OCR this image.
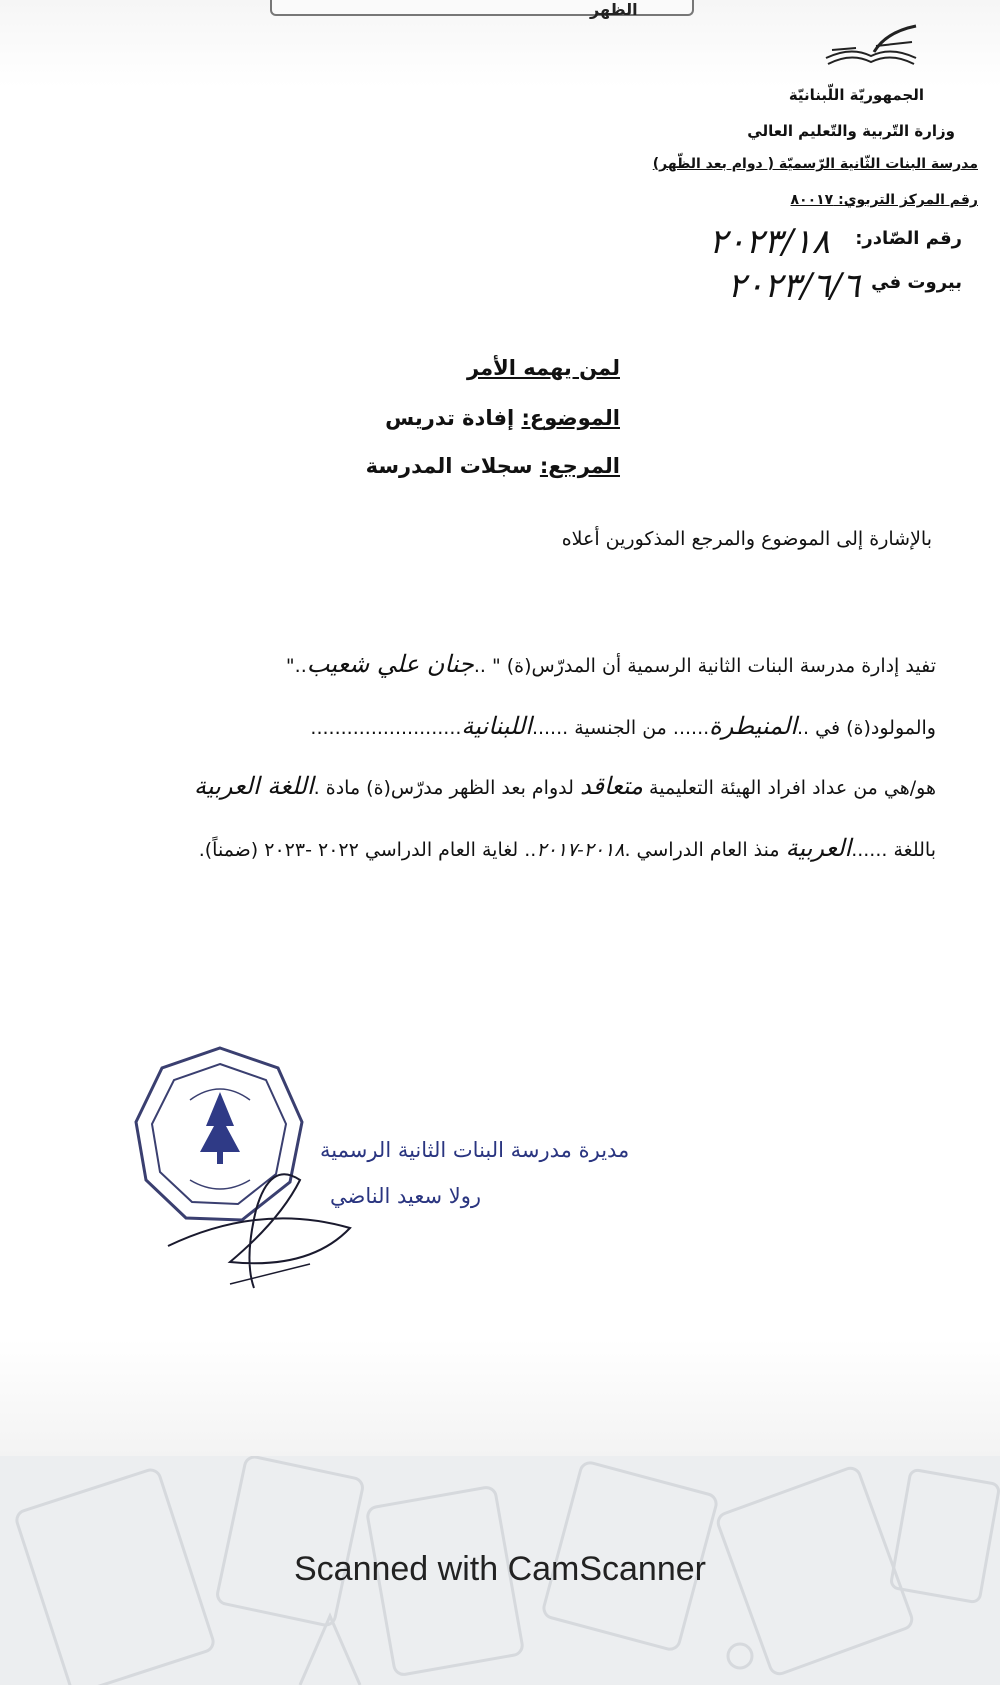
الظهر
الجمهوريّة اللّبنانيّة
وزارة التّربية والتّعليم العالي
مدرسة البنات الثّانية الرّسميّة ( دوام بعد الظّهر)
رقم المركز التربوي: ٨٠٠١٧
رقم الصّادر:
٢٠٢٣/١٨
بيروت في
٢٠٢٣/٦/٦
لمن يهمه الأمر
الموضوع: إفادة تدريس
المرجع: سجلات المدرسة
بالإشارة إلى الموضوع والمرجع المذكورين أعلاه
تفيد إدارة مدرسة البنات الثانية الرسمية أن المدرّس(ة) " ..جنان علي شعيب.."
والمولود(ة) في ..المنيطرة...... من الجنسية ......اللبنانية.........................
هو/هي من عداد افراد الهيئة التعليمية متعاقد لدوام بعد الظهر مدرّس(ة) مادة .اللغة العربية
باللغة ......العربية منذ العام الدراسي .٢٠١٨-٢٠١٧.. لغاية العام الدراسي ٢٠٢٢ -٢٠٢٣ (ضمناً).
مديرة مدرسة البنات الثانية الرسمية
رولا سعيد الناضي
Scanned with CamScanner
